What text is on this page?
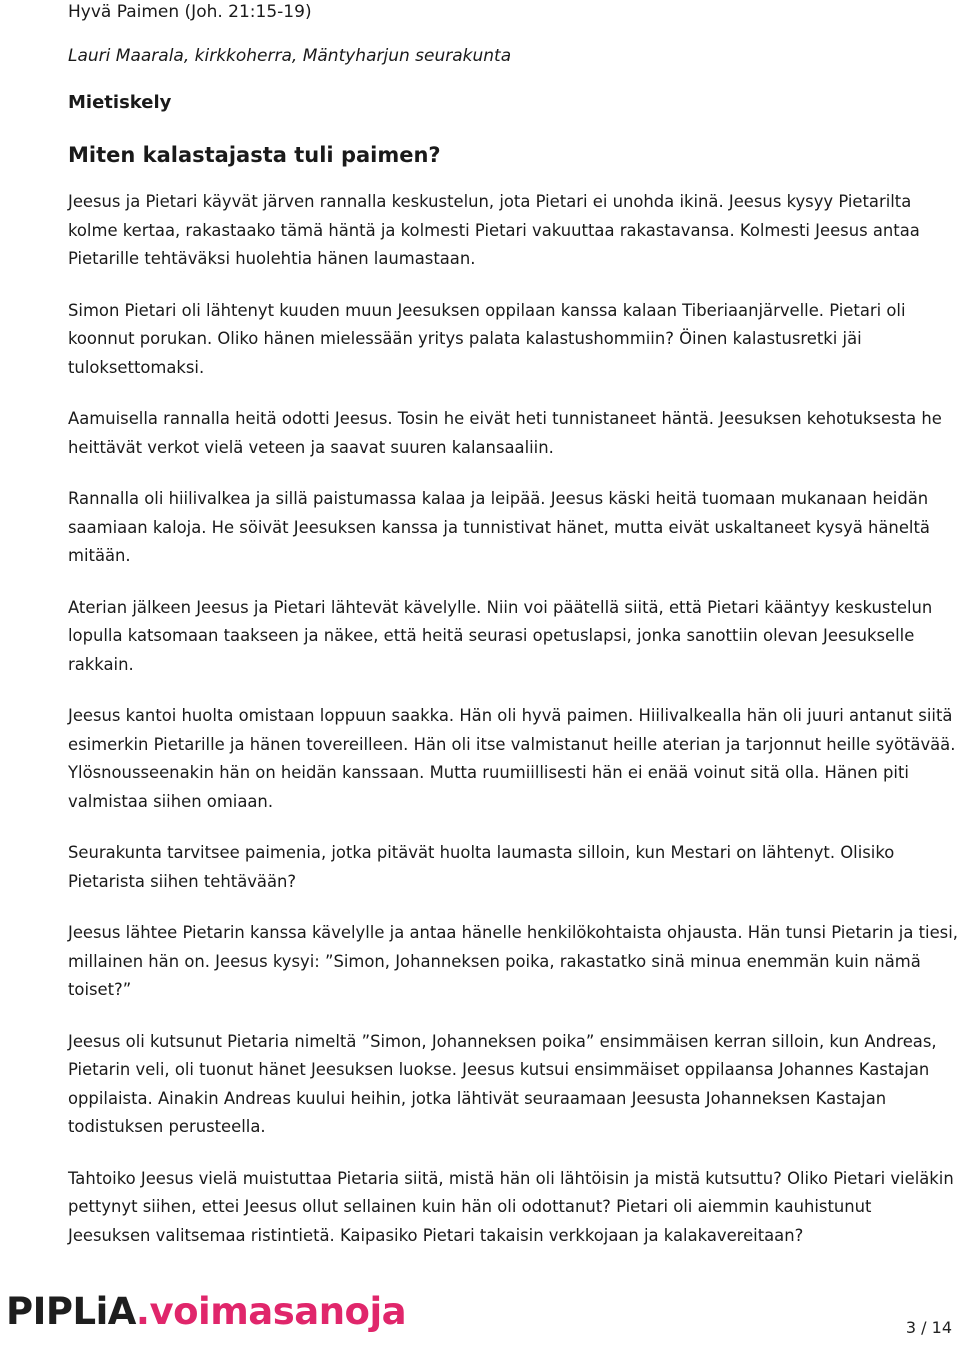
Hyvä Paimen (Joh. 21:15-19)
Lauri Maarala, kirkkoherra, Mäntyharjun seurakunta
Mietiskely
Miten kalastajasta tuli paimen?

Jeesus ja Pietari käyvät järven rannalla keskustelun, jota Pietari ei unohda ikinä. Jeesus kysyy Pietarilta kolme kertaa, rakastaako tämä häntä ja kolmesti Pietari vakuuttaa rakastavansa. Kolmesti Jeesus antaa Pietarille tehtäväksi huolehtia hänen laumastaan.

Simon Pietari oli lähtenyt kuuden muun Jeesuksen oppilaan kanssa kalaan Tiberiaanjärvelle. Pietari oli koonnut porukan. Oliko hänen mielessään yritys palata kalastushommiin? Öinen kalastusretki jäi tuloksettomaksi.

Aamuisella rannalla heitä odotti Jeesus. Tosin he eivät heti tunnistaneet häntä. Jeesuksen kehotuksesta he heittävät verkot vielä veteen ja saavat suuren kalansaaliin.

Rannalla oli hiilivalkea ja sillä paistumassa kalaa ja leipää. Jeesus käski heitä tuomaan mukanaan heidän saamiaan kaloja. He söivät Jeesuksen kanssa ja tunnistivat hänet, mutta eivät uskaltaneet kysyä häneltä mitään.

Aterian jälkeen Jeesus ja Pietari lähtevät kävelylle. Niin voi päätellä siitä, että Pietari kääntyy keskustelun lopulla katsomaan taakseen ja näkee, että heitä seurasi opetuslapsi, jonka sanottiin olevan Jeesukselle rakkain.

Jeesus kantoi huolta omistaan loppuun saakka. Hän oli hyvä paimen. Hiilivalkealla hän oli juuri antanut siitä esimerkin Pietarille ja hänen tovereilleen. Hän oli itse valmistanut heille aterian ja tarjonnut heille syötävää. Ylösnousseenakin hän on heidän kanssaan. Mutta ruumiillisesti hän ei enää voinut sitä olla. Hänen piti valmistaa siihen omiaan.

Seurakunta tarvitsee paimenia, jotka pitävät huolta laumasta silloin, kun Mestari on lähtenyt. Olisiko Pietarista siihen tehtävään?

Jeesus lähtee Pietarin kanssa kävelylle ja antaa hänelle henkilökohtaista ohjausta. Hän tunsi Pietarin ja tiesi, millainen hän on. Jeesus kysyi: ”Simon, Johanneksen poika, rakastatko sinä minua enemmän kuin nämä toiset?”

Jeesus oli kutsunut Pietaria nimeltä ”Simon, Johanneksen poika” ensimmäisen kerran silloin, kun Andreas, Pietarin veli, oli tuonut hänet Jeesuksen luokse. Jeesus kutsui ensimmäiset oppilaansa Johannes Kastajan oppilaista. Ainakin Andreas kuului heihin, jotka lähtivät seuraamaan Jeesusta Johanneksen Kastajan todistuksen perusteella.

Tahtoiko Jeesus vielä muistuttaa Pietaria siitä, mistä hän oli lähtöisin ja mistä kutsuttu? Oliko Pietari vieläkin pettynyt siihen, ettei Jeesus ollut sellainen kuin hän oli odottanut? Pietari oli aiemmin kauhistunut Jeesuksen valitsemaa ristintietä. Kaipasiko Pietari takaisin verkkojaan ja kalakavereitaan?

PIPLiA . voimasanoja	3 / 14
